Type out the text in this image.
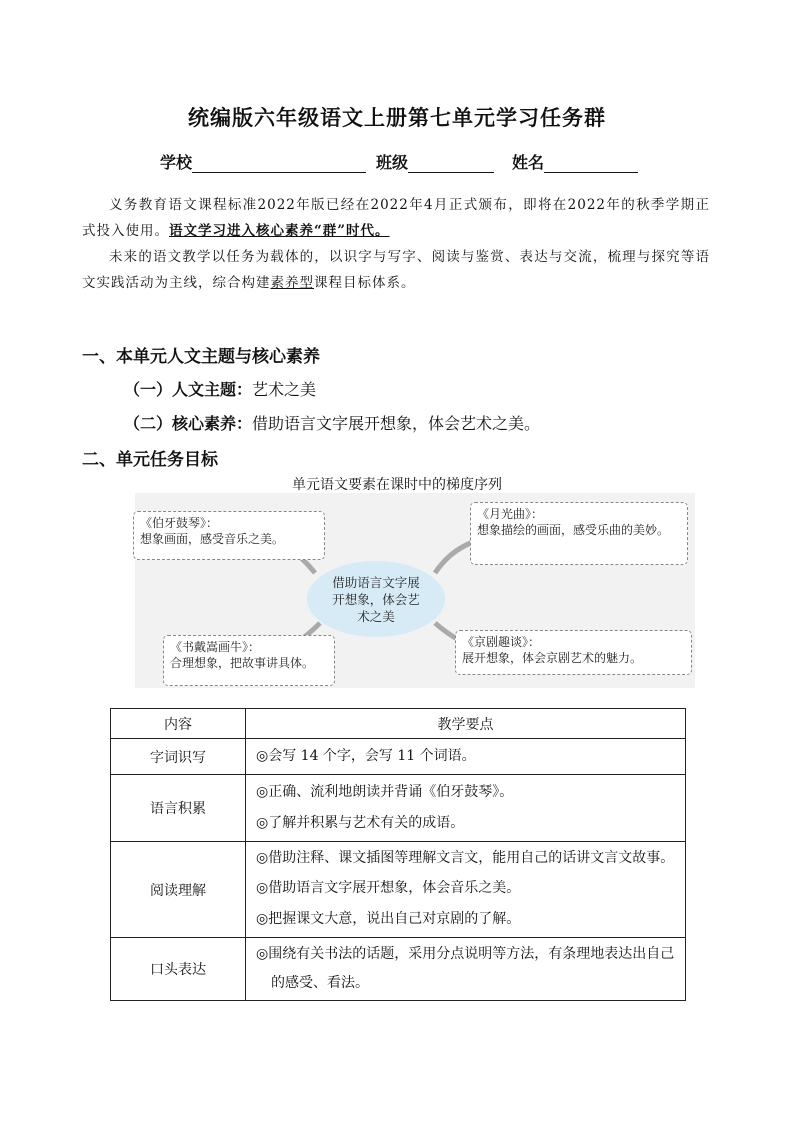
统编版六年级语文上册第七单元学习任务群
学校	班级	姓名
义务教育语文课程标准2022年版已经在2022年4月正式颁布，即将在2022年的秋季学期正式投入使用。语文学习进入核心素养“群”时代。
未来的语文教学以任务为载体的，以识字与写字、阅读与鉴赏、表达与交流，梳理与探究等语文实践活动为主线，综合构建素养型课程目标体系。
一、本单元人文主题与核心素养
（一）人文主题：艺术之美
（二）核心素养：借助语言文字展开想象，体会艺术之美。
二、单元任务目标
单元语文要素在课时中的梯度序列
《伯牙鼓琴》：
想象画面，感受音乐之美。
《月光曲》：
想象描绘的画面，感受乐曲的美妙。
《书戴嵩画牛》：
合理想象，把故事讲具体。
《京剧趣谈》：
展开想象，体会京剧艺术的魅力。
借助语言文字展开想象，体会艺术之美
内容	教学要点
字词识写	◎会写 14 个字，会写 11 个词语。

语言积累	◎正确、流利地朗读并背诵《伯牙鼓琴》。
◎了解并积累与艺术有关的成语。

阅读理解	◎借助注释、课文插图等理解文言文，能用自己的话讲文言文故事。
◎借助语言文字展开想象，体会音乐之美。
◎把握课文大意，说出自己对京剧的了解。

口头表达	◎围绕有关书法的话题，采用分点说明等方法，有条理地表达出自己的感受、看法。
